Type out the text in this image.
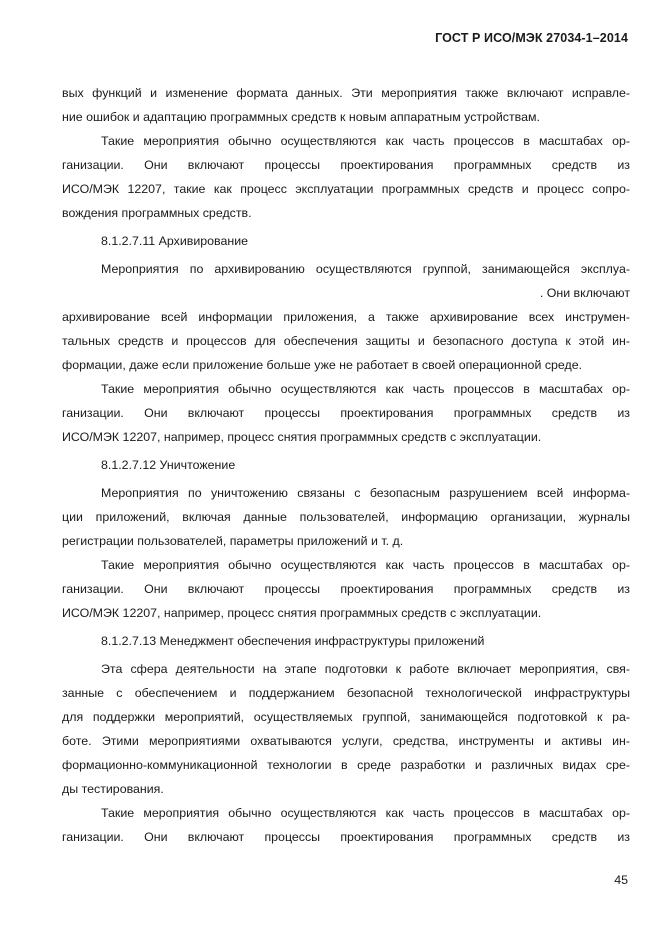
ГОСТ Р ИСО/МЭК 27034-1–2014
вых функций и изменение формата данных. Эти мероприятия также включают исправле-
ние ошибок и адаптацию программных средств к новым аппаратным устройствам.
Такие мероприятия обычно осуществляются как часть процессов в масштабах ор-
ганизации. Они включают процессы проектирования программных средств из
ИСО/МЭК 12207, такие как процесс эксплуатации программных средств и процесс сопро-
вождения программных средств.
8.1.2.7.11 Архивирование
Мероприятия по архивированию осуществляются группой, занимающейся эксплуа-
. Они включают
архивирование всей информации приложения, а также архивирование всех инструмен-
тальных средств и процессов для обеспечения защиты и безопасного доступа к этой ин-
формации, даже если приложение больше уже не работает в своей операционной среде.
Такие мероприятия обычно осуществляются как часть процессов в масштабах ор-
ганизации. Они включают процессы проектирования программных средств из
ИСО/МЭК 12207, например, процесс снятия программных средств с эксплуатации.
8.1.2.7.12 Уничтожение
Мероприятия по уничтожению связаны с безопасным разрушением всей информа-
ции приложений, включая данные пользователей, информацию организации, журналы
регистрации пользователей, параметры приложений и т. д.
Такие мероприятия обычно осуществляются как часть процессов в масштабах ор-
ганизации. Они включают процессы проектирования программных средств из
ИСО/МЭК 12207, например, процесс снятия программных средств с эксплуатации.
8.1.2.7.13 Менеджмент обеспечения инфраструктуры приложений
Эта сфера деятельности на этапе подготовки к работе включает мероприятия, свя-
занные с обеспечением и поддержанием безопасной технологической инфраструктуры
для поддержки мероприятий, осуществляемых группой, занимающейся подготовкой к ра-
боте. Этими мероприятиями охватываются услуги, средства, инструменты и активы ин-
формационно-коммуникационной технологии в среде разработки и различных видах сре-
ды тестирования.
Такие мероприятия обычно осуществляются как часть процессов в масштабах ор-
ганизации. Они включают процессы проектирования программных средств из
45
